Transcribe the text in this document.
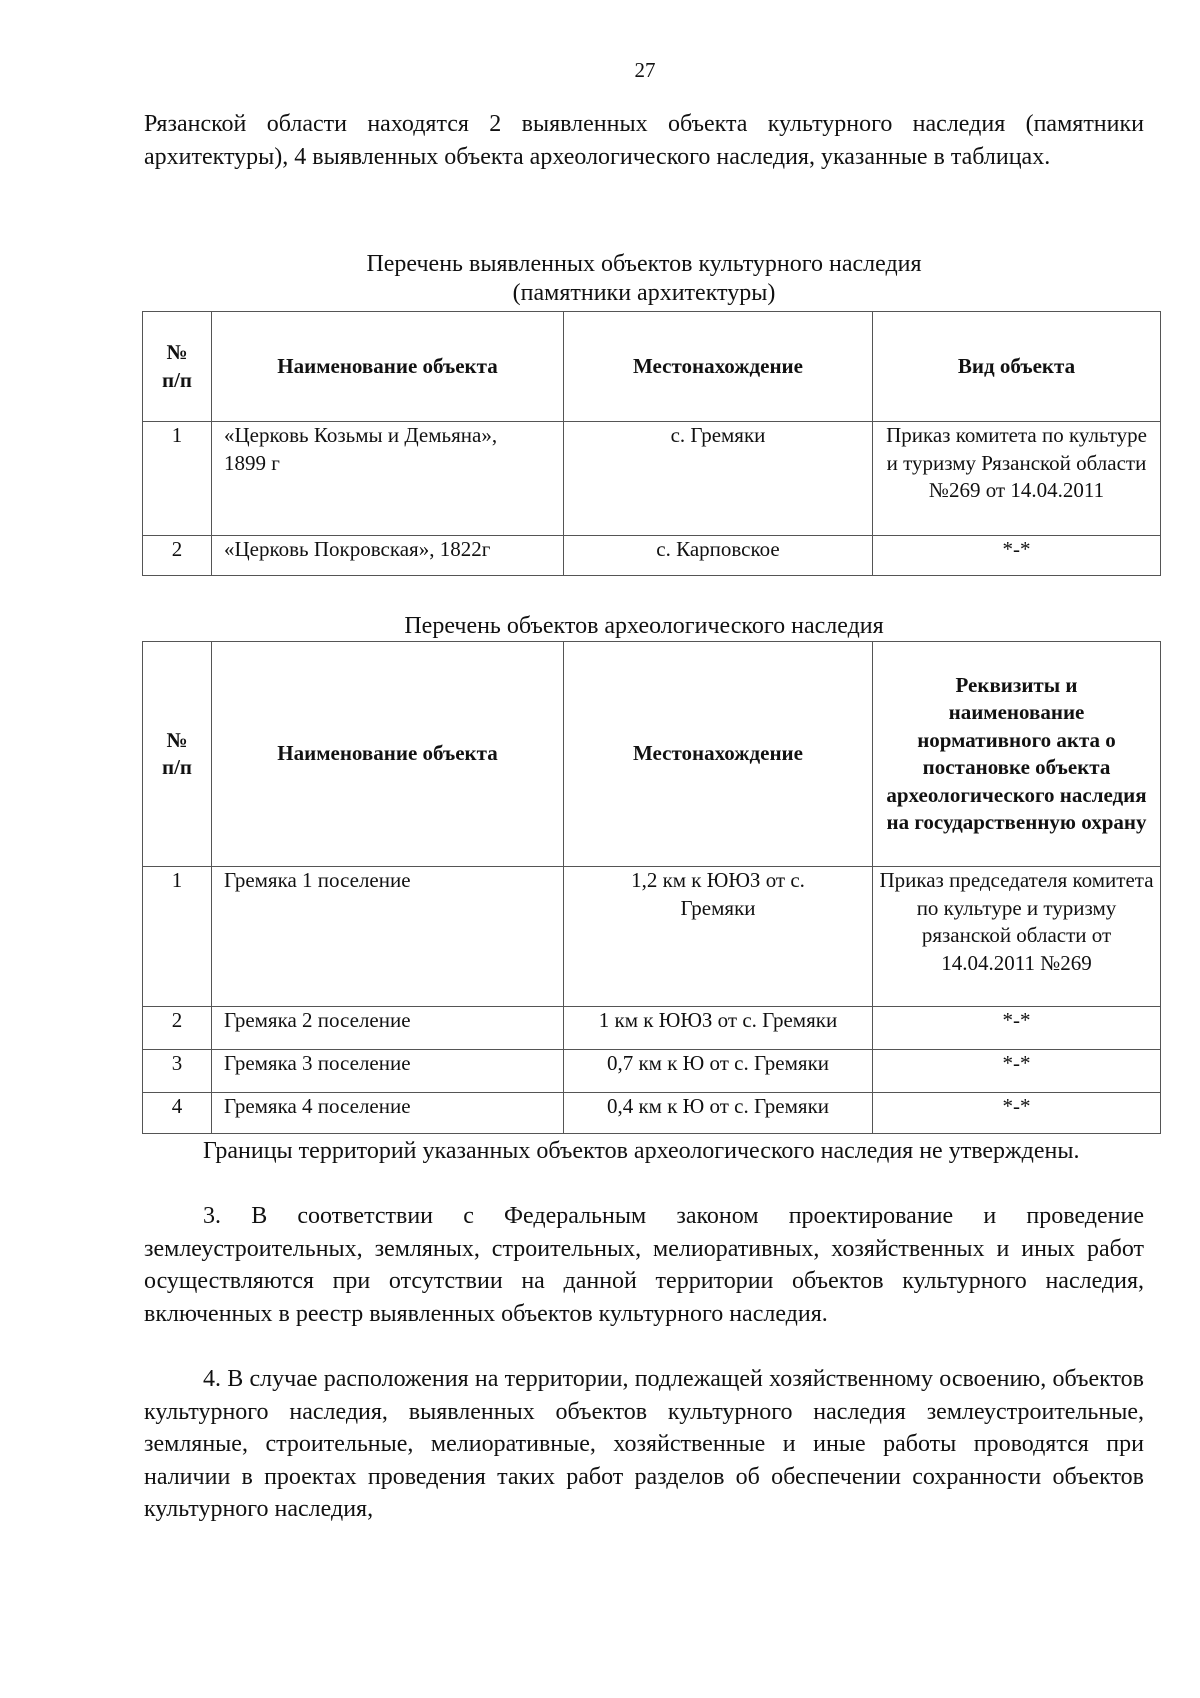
27

Рязанской области находятся 2 выявленных объекта культурного наследия (памятники архитектуры), 4 выявленных объекта археологического наследия, указанные в таблицах.

Перечень выявленных объектов культурного наследия
(памятники архитектуры)

№
п/п	Наименование объекта	Местонахождение	Вид объекта
1	«Церковь Козьмы и Демьяна»,
1899 г	с. Гремяки	Приказ комитета по культуре и туризму Рязанской области №269 от 14.04.2011
2	«Церковь Покровская», 1822г	с. Карповское	*-*

Перечень объектов археологического наследия

№
п/п	Наименование объекта	Местонахождение	Реквизиты и наименование нормативного акта о постановке объекта археологического наследия на государственную охрану
1	Гремяка 1 поселение	1,2 км к ЮЮЗ от с. Гремяки	Приказ председателя комитета по культуре и туризму рязанской области от 14.04.2011 №269
2	Гремяка 2 поселение	1 км к ЮЮЗ от с. Гремяки	*-*
3	Гремяка 3 поселение	0,7 км к Ю от с. Гремяки	*-*
4	Гремяка 4 поселение	0,4 км к Ю от с. Гремяки	*-*

Границы территорий указанных объектов археологического наследия не утверждены.

3. В соответствии с Федеральным законом проектирование и проведение землеустроительных, земляных, строительных, мелиоративных, хозяйственных и иных работ осуществляются при отсутствии на данной территории объектов культурного наследия, включенных в реестр выявленных объектов культурного наследия.

4. В случае расположения на территории, подлежащей хозяйственному освоению, объектов культурного наследия, выявленных объектов культурного наследия землеустроительные, земляные, строительные, мелиоративные, хозяйственные и иные работы проводятся при наличии в проектах проведения таких работ разделов об обеспечении сохранности объектов культурного наследия,
